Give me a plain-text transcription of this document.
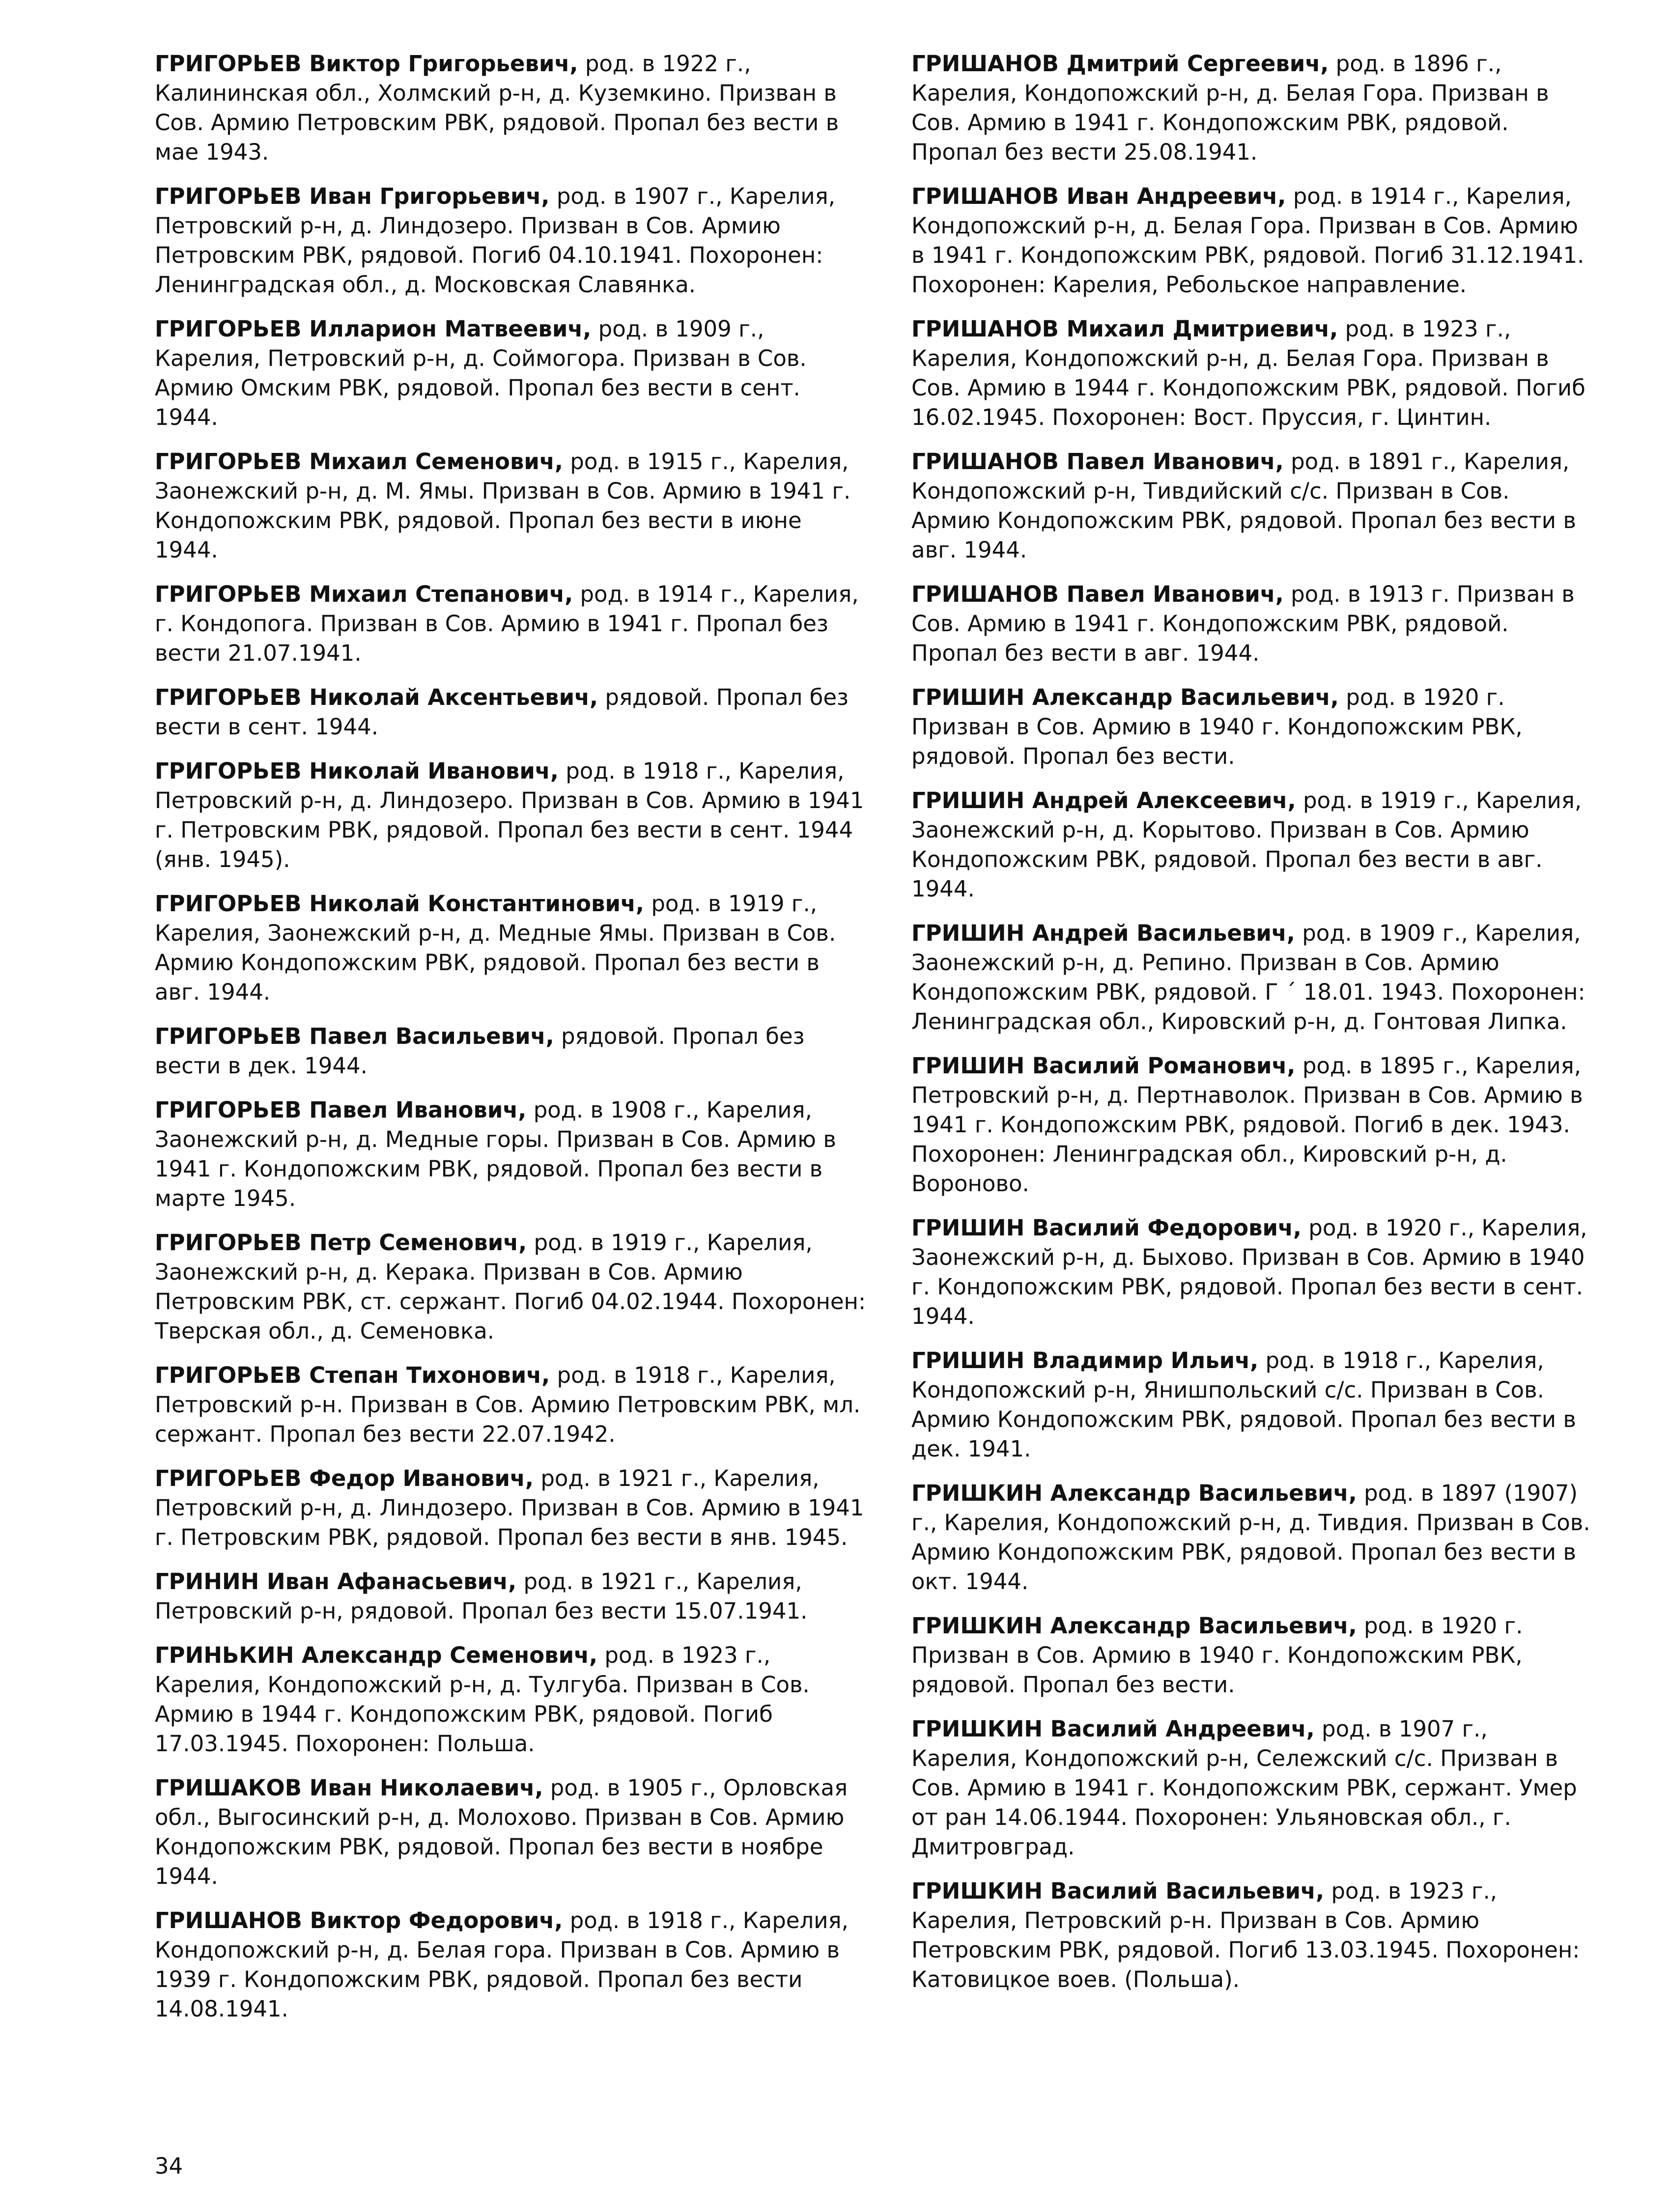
ГРИГОРЬЕВ Виктор Григорьевич, род. в 1922 г., Калининская обл., Холмский р-н, д. Куземкино. Призван в Сов. Армию Петровским РВК, рядовой. Пропал без вести в мае 1943.

ГРИГОРЬЕВ Иван Григорьевич, род. в 1907 г., Карелия, Петровский р-н, д. Линдозеро. Призван в Сов. Армию Петровским РВК, рядовой. Погиб 04.10.1941. Похоронен: Ленинградская обл., д. Московская Славянка.

ГРИГОРЬЕВ Илларион Матвеевич, род. в 1909 г., Карелия, Петровский р-н, д. Соймогора. Призван в Сов. Армию Омским РВК, рядовой. Пропал без вести в сент. 1944.

ГРИГОРЬЕВ Михаил Семенович, род. в 1915 г., Карелия, Заонежский р-н, д. М. Ямы. Призван в Сов. Армию в 1941 г. Кондопожским РВК, рядовой. Пропал без вести в июне 1944.

ГРИГОРЬЕВ Михаил Степанович, род. в 1914 г., Карелия, г. Кондопога. Призван в Сов. Армию в 1941 г. Пропал без вести 21.07.1941.

ГРИГОРЬЕВ Николай Аксентьевич, рядовой. Пропал без вести в сент. 1944.

ГРИГОРЬЕВ Николай Иванович, род. в 1918 г., Карелия, Петровский р-н, д. Линдозеро. Призван в Сов. Армию в 1941 г. Петровским РВК, рядовой. Пропал без вести в сент. 1944 (янв. 1945).

ГРИГОРЬЕВ Николай Константинович, род. в 1919 г., Карелия, Заонежский р-н, д. Медные Ямы. Призван в Сов. Армию Кондопожским РВК, рядовой. Пропал без вести в авг. 1944.

ГРИГОРЬЕВ Павел Васильевич, рядовой. Пропал без вести в дек. 1944.

ГРИГОРЬЕВ Павел Иванович, род. в 1908 г., Карелия, Заонежский р-н, д. Медные горы. Призван в Сов. Армию в 1941 г. Кондопожским РВК, рядовой. Пропал без вести в марте 1945.

ГРИГОРЬЕВ Петр Семенович, род. в 1919 г., Карелия, Заонежский р-н, д. Керака. Призван в Сов. Армию Петровским РВК, ст. сержант. Погиб 04.02.1944. Похоронен: Тверская обл., д. Семеновка.

ГРИГОРЬЕВ Степан Тихонович, род. в 1918 г., Карелия, Петровский р-н. Призван в Сов. Армию Петровским РВК, мл. сержант. Пропал без вести 22.07.1942.

ГРИГОРЬЕВ Федор Иванович, род. в 1921 г., Карелия, Петровский р-н, д. Линдозеро. Призван в Сов. Армию в 1941 г. Петровским РВК, рядовой. Пропал без вести в янв. 1945.

ГРИНИН Иван Афанасьевич, род. в 1921 г., Карелия, Петровский р-н, рядовой. Пропал без вести 15.07.1941.

ГРИНЬКИН Александр Семенович, род. в 1923 г., Карелия, Кондопожский р-н, д. Тулгуба. Призван в Сов. Армию в 1944 г. Кондопожским РВК, рядовой. Погиб 17.03.1945. Похоронен: Польша.

ГРИШАКОВ Иван Николаевич, род. в 1905 г., Орловская обл., Выгосинский р-н, д. Молохово. Призван в Сов. Армию Кондопожским РВК, рядовой. Пропал без вести в ноябре 1944.

ГРИШАНОВ Виктор Федорович, род. в 1918 г., Карелия, Кондопожский р-н, д. Белая гора. Призван в Сов. Армию в 1939 г. Кондопожским РВК, рядовой. Пропал без вести 14.08.1941.

ГРИШАНОВ Дмитрий Сергеевич, род. в 1896 г., Карелия, Кондопожский р-н, д. Белая Гора. Призван в Сов. Армию в 1941 г. Кондопожским РВК, рядовой. Пропал без вести 25.08.1941.

ГРИШАНОВ Иван Андреевич, род. в 1914 г., Карелия, Кондопожский р-н, д. Белая Гора. Призван в Сов. Армию в 1941 г. Кондопожским РВК, рядовой. Погиб 31.12.1941. Похоронен: Карелия, Ребольское направление.

ГРИШАНОВ Михаил Дмитриевич, род. в 1923 г., Карелия, Кондопожский р-н, д. Белая Гора. Призван в Сов. Армию в 1944 г. Кондопожским РВК, рядовой. Погиб 16.02.1945. Похоронен: Вост. Пруссия, г. Цинтин.

ГРИШАНОВ Павел Иванович, род. в 1891 г., Карелия, Кондопожский р-н, Тивдийский с/с. Призван в Сов. Армию Кондопожским РВК, рядовой. Пропал без вести в авг. 1944.

ГРИШАНОВ Павел Иванович, род. в 1913 г. Призван в Сов. Армию в 1941 г. Кондопожским РВК, рядовой. Пропал без вести в авг. 1944.

ГРИШИН Александр Васильевич, род. в 1920 г. Призван в Сов. Армию в 1940 г. Кондопожским РВК, рядовой. Пропал без вести.

ГРИШИН Андрей Алексеевич, род. в 1919 г., Карелия, Заонежский р-н, д. Корытово. Призван в Сов. Армию Кондопожским РВК, рядовой. Пропал без вести в авг. 1944.

ГРИШИН Андрей Васильевич, род. в 1909 г., Карелия, Заонежский р-н, д. Репино. Призван в Сов. Армию Кондопожским РВК, рядовой. Г ´ 18.01. 1943. Похоронен: Ленинградская обл., Кировский р-н, д. Гонтовая Липка.

ГРИШИН Василий Романович, род. в 1895 г., Карелия, Петровский р-н, д. Пертнаволок. Призван в Сов. Армию в 1941 г. Кондопожским РВК, рядовой. Погиб в дек. 1943. Похоронен: Ленинградская обл., Кировский р-н, д. Вороново.

ГРИШИН Василий Федорович, род. в 1920 г., Карелия, Заонежский р-н, д. Быхово. Призван в Сов. Армию в 1940 г. Кондопожским РВК, рядовой. Пропал без вести в сент. 1944.

ГРИШИН Владимир Ильич, род. в 1918 г., Карелия, Кондопожский р-н, Янишпольский с/с. Призван в Сов. Армию Кондопожским РВК, рядовой. Пропал без вести в дек. 1941.

ГРИШКИН Александр Васильевич, род. в 1897 (1907) г., Карелия, Кондопожский р-н, д. Тивдия. Призван в Сов. Армию Кондопожским РВК, рядовой. Пропал без вести в окт. 1944.

ГРИШКИН Александр Васильевич, род. в 1920 г. Призван в Сов. Армию в 1940 г. Кондопожским РВК, рядовой. Пропал без вести.

ГРИШКИН Василий Андреевич, род. в 1907 г., Карелия, Кондопожский р-н, Сележский с/с. Призван в Сов. Армию в 1941 г. Кондопожским РВК, сержант. Умер от ран 14.06.1944. Похоронен: Ульяновская обл., г. Дмитровград.

ГРИШКИН Василий Васильевич, род. в 1923 г., Карелия, Петровский р-н. Призван в Сов. Армию Петровским РВК, рядовой. Погиб 13.03.1945. Похоронен: Катовицкое воев. (Польша).

34
